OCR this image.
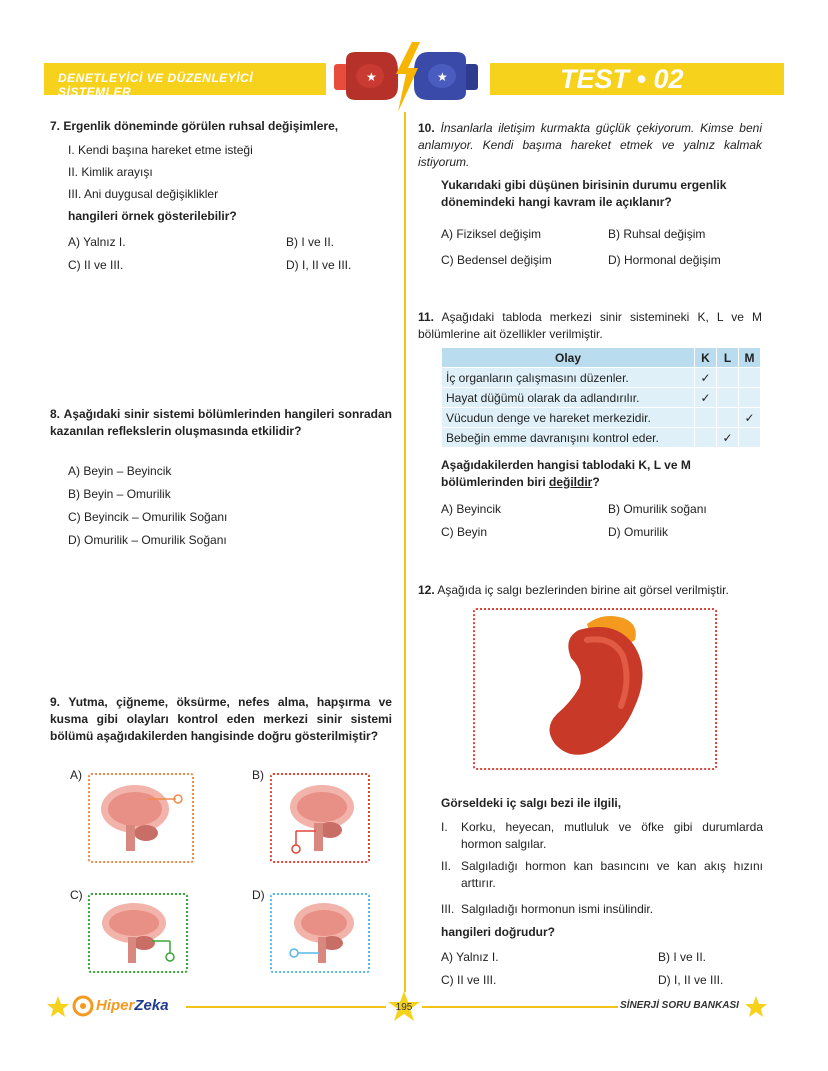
DENETLEYİCİ VE DÜZENLEYİCİ SİSTEMLER
★	★	TEST • 02
7. Ergenlik döneminde görülen ruhsal değişimlere,
I. Kendi başına hareket etme isteği
II. Kimlik arayışı
III. Ani duygusal değişiklikler
hangileri örnek gösterilebilir?
A) Yalnız I.	B) I ve II.
C) II ve III.	D) I, II ve III.
8. Aşağıdaki sinir sistemi bölümlerinden hangileri sonradan kazanılan reflekslerin oluşmasında etkilidir?
A) Beyin – Beyincik
B) Beyin – Omurilik
C) Beyincik – Omurilik Soğanı
D) Omurilik – Omurilik Soğanı
9. Yutma, çiğneme, öksürme, nefes alma, hapşırma ve kusma gibi olayları kontrol eden merkezi sinir sistemi bölümü aşağıdakilerden hangisinde doğru gösterilmiştir?
A)	B)
C)	D)
10. İnsanlarla iletişim kurmakta güçlük çekiyorum. Kimse beni anlamıyor. Kendi başıma hareket etmek ve yalnız kalmak istiyorum.
Yukarıdaki gibi düşünen birisinin durumu ergenlik dönemindeki hangi kavram ile açıklanır?
A) Fiziksel değişim	B) Ruhsal değişim
C) Bedensel değişim	D) Hormonal değişim
11. Aşağıdaki tabloda merkezi sinir sistemineki K, L ve M bölümlerine ait özellikler verilmiştir.
Olay	K	L	M
İç organların çalışmasını düzenler.	✓		
Hayat düğümü olarak da adlandırılır.	✓		
Vücudun denge ve hareket merkezidir.			✓
Bebeğin emme davranışını kontrol eder.		✓	
Aşağıdakilerden hangisi tablodaki K, L ve M bölümlerinden biri değildir?
A) Beyincik	B) Omurilik soğanı
C) Beyin	D) Omurilik
12. Aşağıda iç salgı bezlerinden birine ait görsel verilmiştir.
Görseldeki iç salgı bezi ile ilgili,
I. Korku, heyecan, mutluluk ve öfke gibi durumlarda hormon salgılar.
II. Salgıladığı hormon kan basıncını ve kan akış hızını arttırır.
III. Salgıladığı hormonun ismi insülindir.
hangileri doğrudur?
A) Yalnız I.	B) I ve II.
C) II ve III.	D) I, II ve III.
HiperZeka	195	SİNERJİ SORU BANKASI
